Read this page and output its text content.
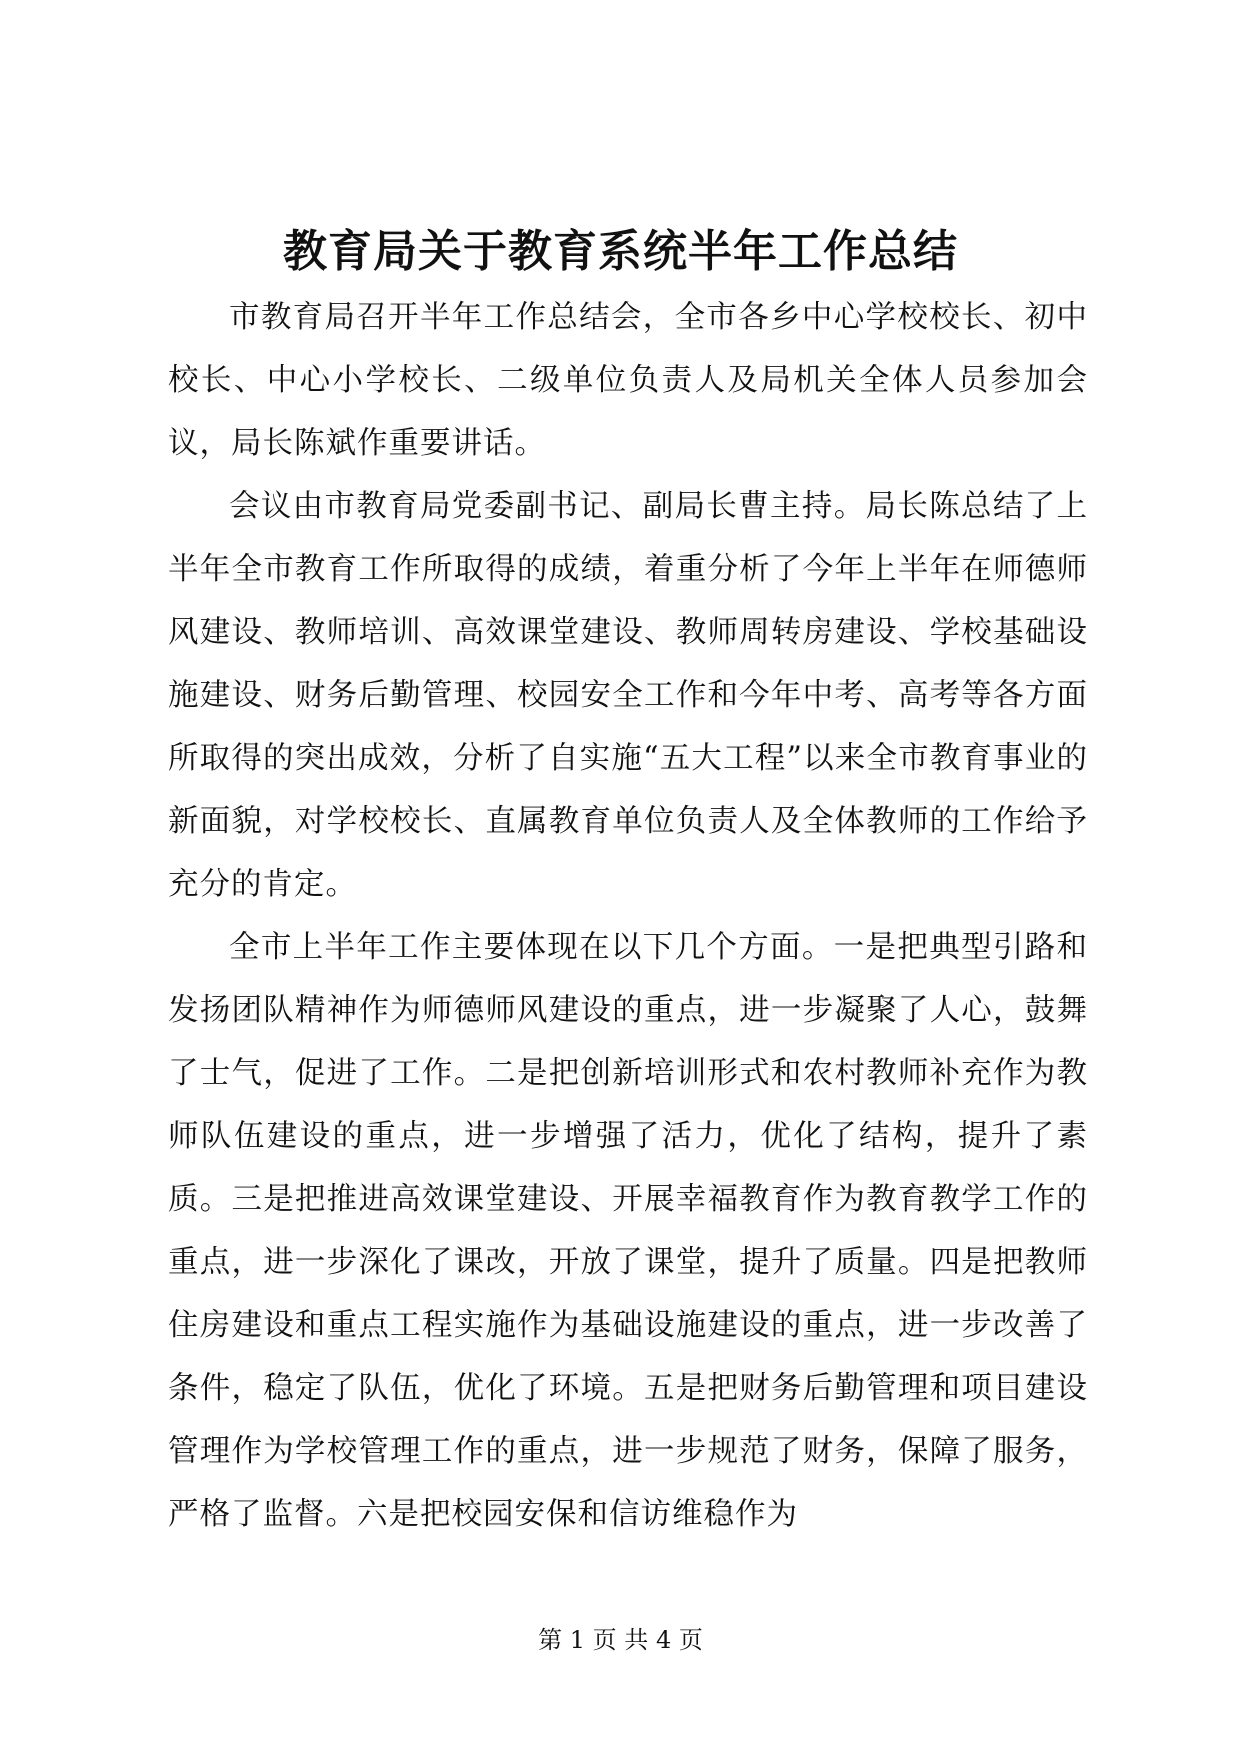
教育局关于教育系统半年工作总结

市教育局召开半年工作总结会，全市各乡中心学校校长、初中校长、中心小学校长、二级单位负责人及局机关全体人员参加会议，局长陈斌作重要讲话。

会议由市教育局党委副书记、副局长曹主持。局长陈总结了上半年全市教育工作所取得的成绩，着重分析了今年上半年在师德师风建设、教师培训、高效课堂建设、教师周转房建设、学校基础设施建设、财务后勤管理、校园安全工作和今年中考、高考等各方面所取得的突出成效，分析了自实施“五大工程”以来全市教育事业的新面貌，对学校校长、直属教育单位负责人及全体教师的工作给予充分的肯定。

全市上半年工作主要体现在以下几个方面。一是把典型引路和发扬团队精神作为师德师风建设的重点，进一步凝聚了人心，鼓舞了士气，促进了工作。二是把创新培训形式和农村教师补充作为教师队伍建设的重点，进一步增强了活力，优化了结构，提升了素质。三是把推进高效课堂建设、开展幸福教育作为教育教学工作的重点，进一步深化了课改，开放了课堂，提升了质量。四是把教师住房建设和重点工程实施作为基础设施建设的重点，进一步改善了条件，稳定了队伍，优化了环境。五是把财务后勤管理和项目建设管理作为学校管理工作的重点，进一步规范了财务，保障了服务，严格了监督。六是把校园安保和信访维稳作为

第 1 页 共 4 页
